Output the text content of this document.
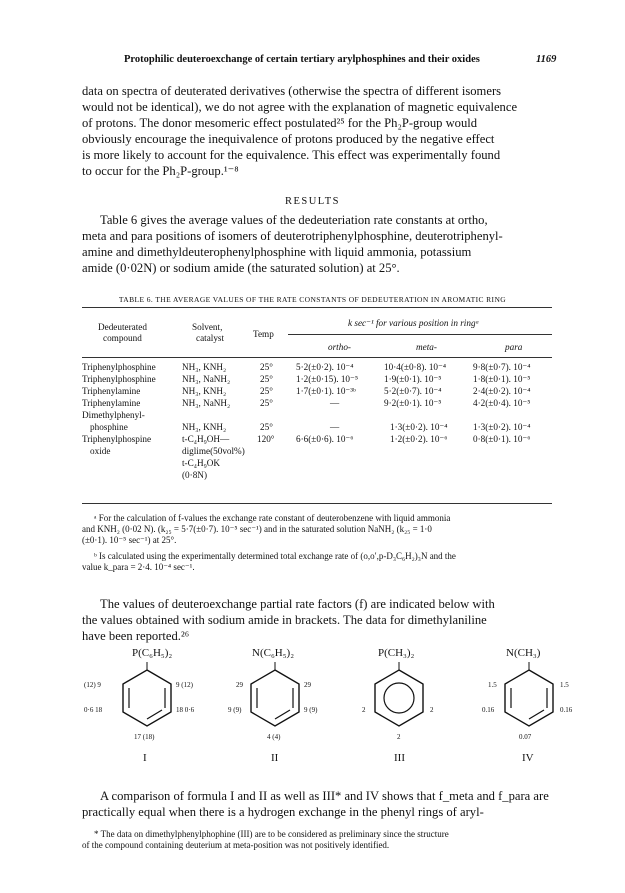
Protophilic deuteroexchange of certain tertiary arylphosphines and their oxides	1169
data on spectra of deuterated derivatives (otherwise the spectra of different isomers
would not be identical), we do not agree with the explanation of magnetic equivalence
of protons. The donor mesomeric effect postulated²⁵ for the Ph₂P-group would
obviously encourage the inequivalence of protons produced by the negative effect
is more likely to account for the equivalence. This effect was experimentally found
to occur for the Ph₂P-group.¹⁻⁸
RESULTS
Table 6 gives the average values of the dedeuteriation rate constants at ortho,
meta and para positions of isomers of deuterotriphenylphosphine, deuterotriphenyl-
amine and dimethyldeuterophenylphosphine with liquid ammonia, potassium
amide (0·02N) or sodium amide (the saturated solution) at 25°.
TABLE 6. THE AVERAGE VALUES OF THE RATE CONSTANTS OF DEDEUTERATION IN AROMATIC RING
Dedeuterated
compound
Solvent,
catalyst	Temp
k sec⁻¹ for various position in ringᵃ
ortho-	meta-	para
Triphenylphosphine	NH₃, KNH₂	25°	5·2(±0·2). 10⁻⁴	10·4(±0·8). 10⁻⁴	9·8(±0·7). 10⁻⁴
Triphenylphosphine	NH₃, NaNH₂	25°	1·2(±0·15). 10⁻⁵	1·9(±0·1). 10⁻⁵	1·8(±0·1). 10⁻⁵
Triphenylamine	NH₃, KNH₂	25°	1·7(±0·1). 10⁻³ᵇ	5·2(±0·7). 10⁻⁴	2·4(±0·2). 10⁻⁴
Triphenylamine	NH₃, NaNH₂	25°	—	9·2(±0·1). 10⁻⁵	4·2(±0·4). 10⁻⁵
Dimethylphenyl-
phosphine	NH₃, KNH₂	25°	—	1·3(±0·2). 10⁻⁴	1·3(±0·2). 10⁻⁴
Triphenylphospine	t-C₄H₉OH—	120° 6·6(±0·6). 10⁻⁶	1·2(±0·2). 10⁻⁶	0·8(±0·1). 10⁻⁶
oxide	diglime(50vol%)
t-C₄H₉OK
(0·8N)
ᵃ For the calculation of f-values the exchange rate constant of deuterobenzene with liquid ammonia
and KNH₂ (0·02 N). (k₂₅ = 5·7(±0·7). 10⁻⁵ sec⁻¹) and in the saturated solution NaNH₂ (k₂₅ = 1·0
(±0·1). 10⁻⁵ sec⁻¹) at 25°.
ᵇ Is calculated using the experimentally determined total exchange rate of (o,o′,p-D₃C₆H₂)₃N and the
value k_para = 2·4. 10⁻⁴ sec⁻¹.
The values of deuteroexchange partial rate factors (f) are indicated below with
the values obtained with sodium amide in brackets. The data for dimethylaniline
have been reported.²⁶
P(C₆H₅)₂
(12) 9	9 (12)
0·6 18	18 0·6
17 (18)
I
N(C₆H₅)₂
29	29
9 (9)	9 (9)
4 (4)
II
P(CH₃)₂
2	2
2
III
N(CH₃)
1.5	1.5
0.16	0.16
0.07
IV
A comparison of formula I and II as well as III* and IV shows that f_meta and f_para are
practically equal when there is a hydrogen exchange in the phenyl rings of aryl-
* The data on dimethylphenylphophine (III) are to be considered as preliminary since the structure
of the compound containing deuterium at meta-position was not positively identified.
